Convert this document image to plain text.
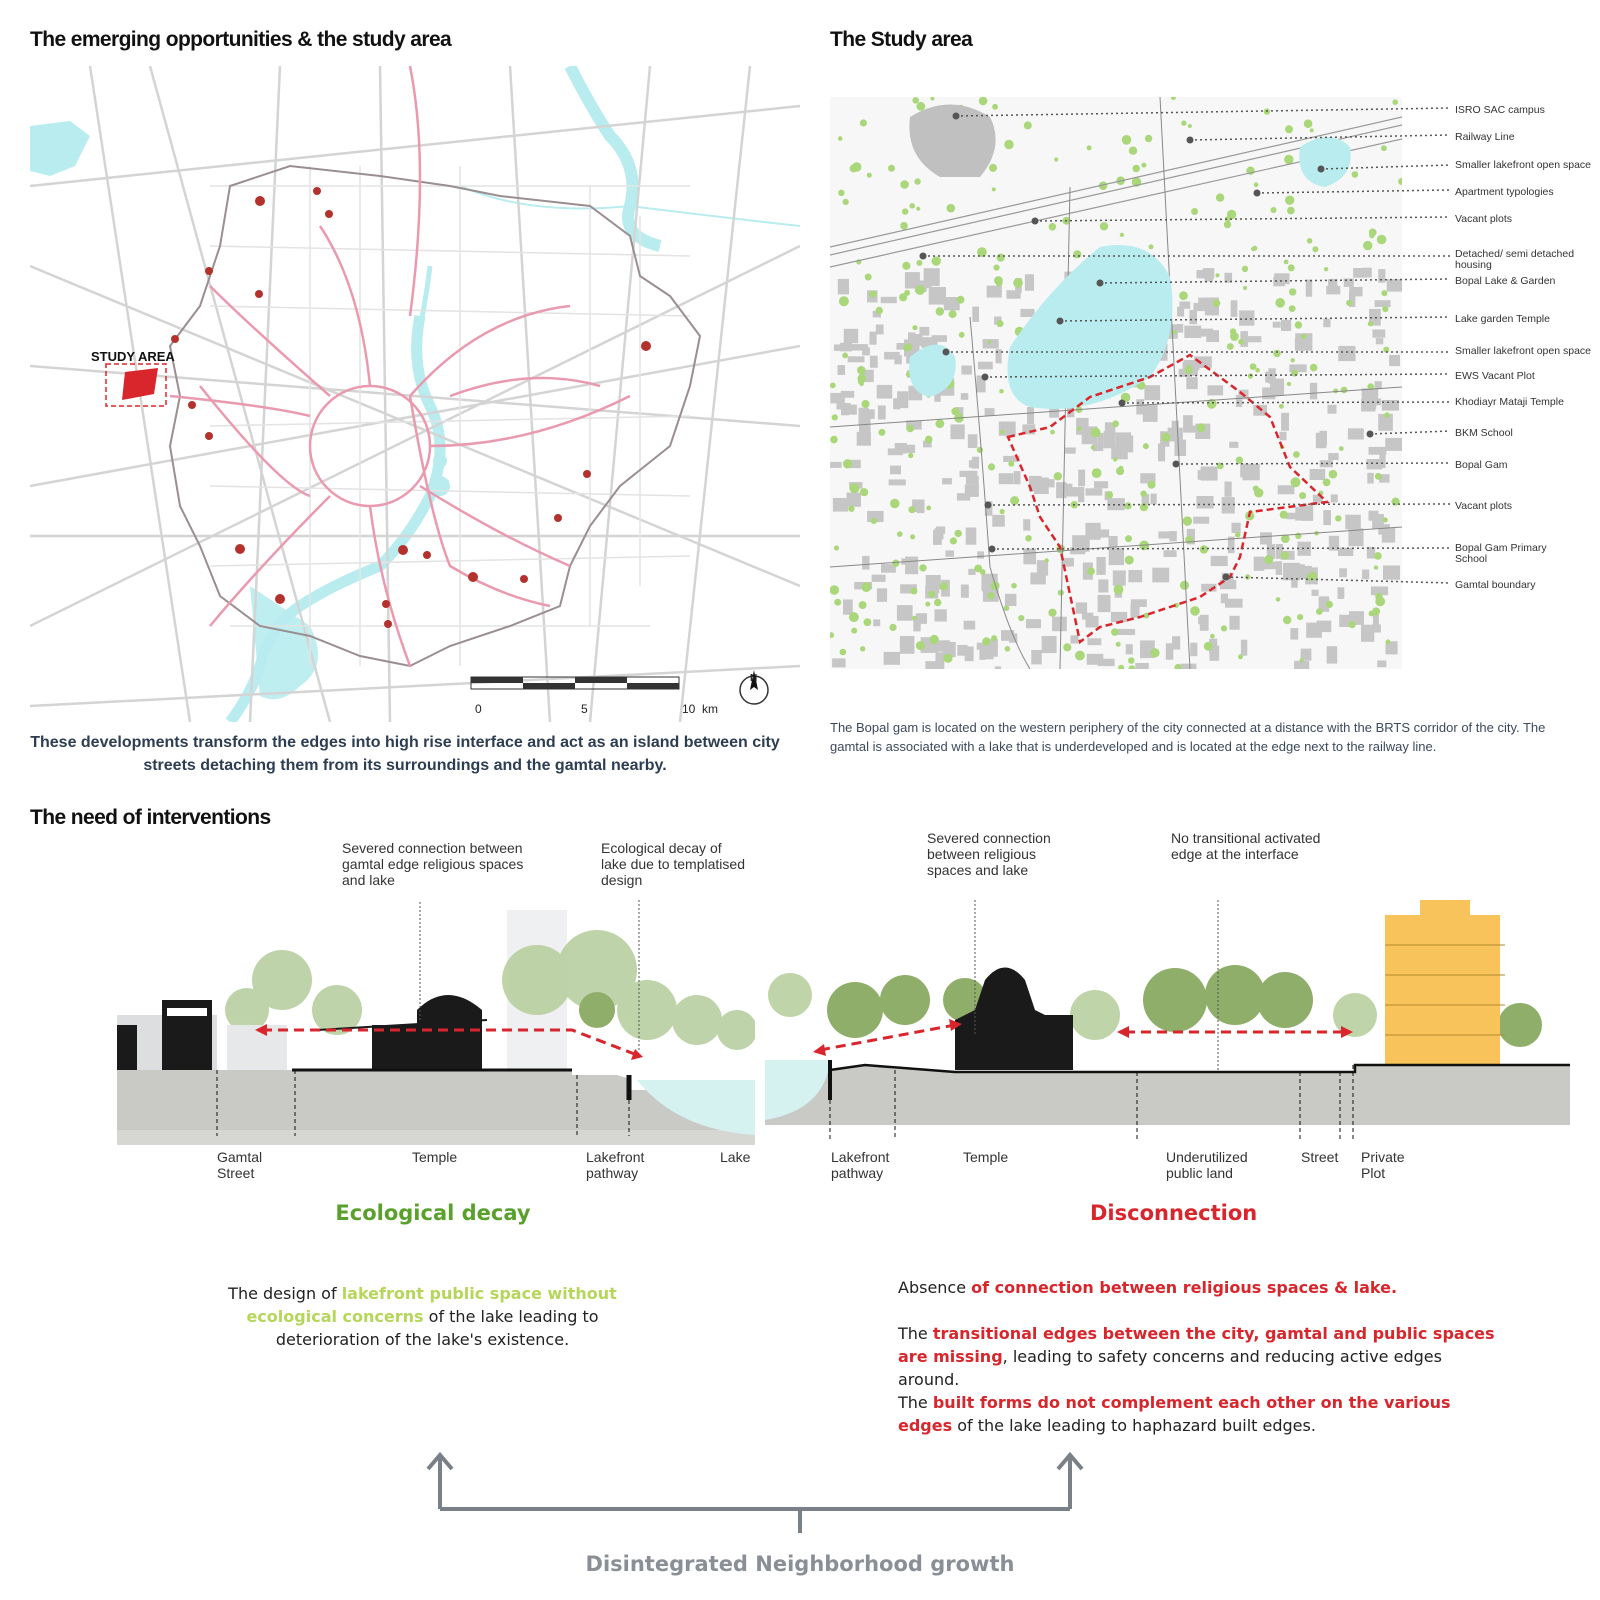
The emerging opportunities & the study area
STUDY AREA
0	5	10 km
N
These developments transform the edges into high rise interface and act as an island between city streets detaching them from its surroundings and the gamtal nearby.
The Study area
ISRO SAC campus
Railway Line
Smaller lakefront open space
Apartment typologies
Vacant plots
Detached/ semi detached housing
Bopal Lake & Garden
Lake garden Temple
Smaller lakefront open space
EWS Vacant Plot
Khodiayr Mataji Temple
BKM School
Bopal Gam
Vacant plots
Bopal Gam Primary School
Gamtal boundary
The Bopal gam is located on the western periphery of the city connected at a distance with the BRTS corridor of the city. The gamtal is associated with a lake that is underdeveloped and is located at the edge next to the railway line.
The need of interventions
Severed connection between gamtal edge religious spaces and lake
Ecological decay of lake due to templatised design
Gamtal Street
Temple	Lakefront pathway
Lake
Severed connection between religious spaces and lake
No transitional activated edge at the interface
Lakefront pathway
Temple	Underutilized public land
Street Private Plot
Ecological decay	Disconnection
The design of lakefront public space without ecological concerns of the lake leading to deterioration of the lake's existence.
Absence of connection between religious spaces & lake.
The transitional edges between the city, gamtal and public spaces are missing, leading to safety concerns and reducing active edges around.
The built forms do not complement each other on the various edges of the lake leading to haphazard built edges.
Disintegrated Neighborhood growth
